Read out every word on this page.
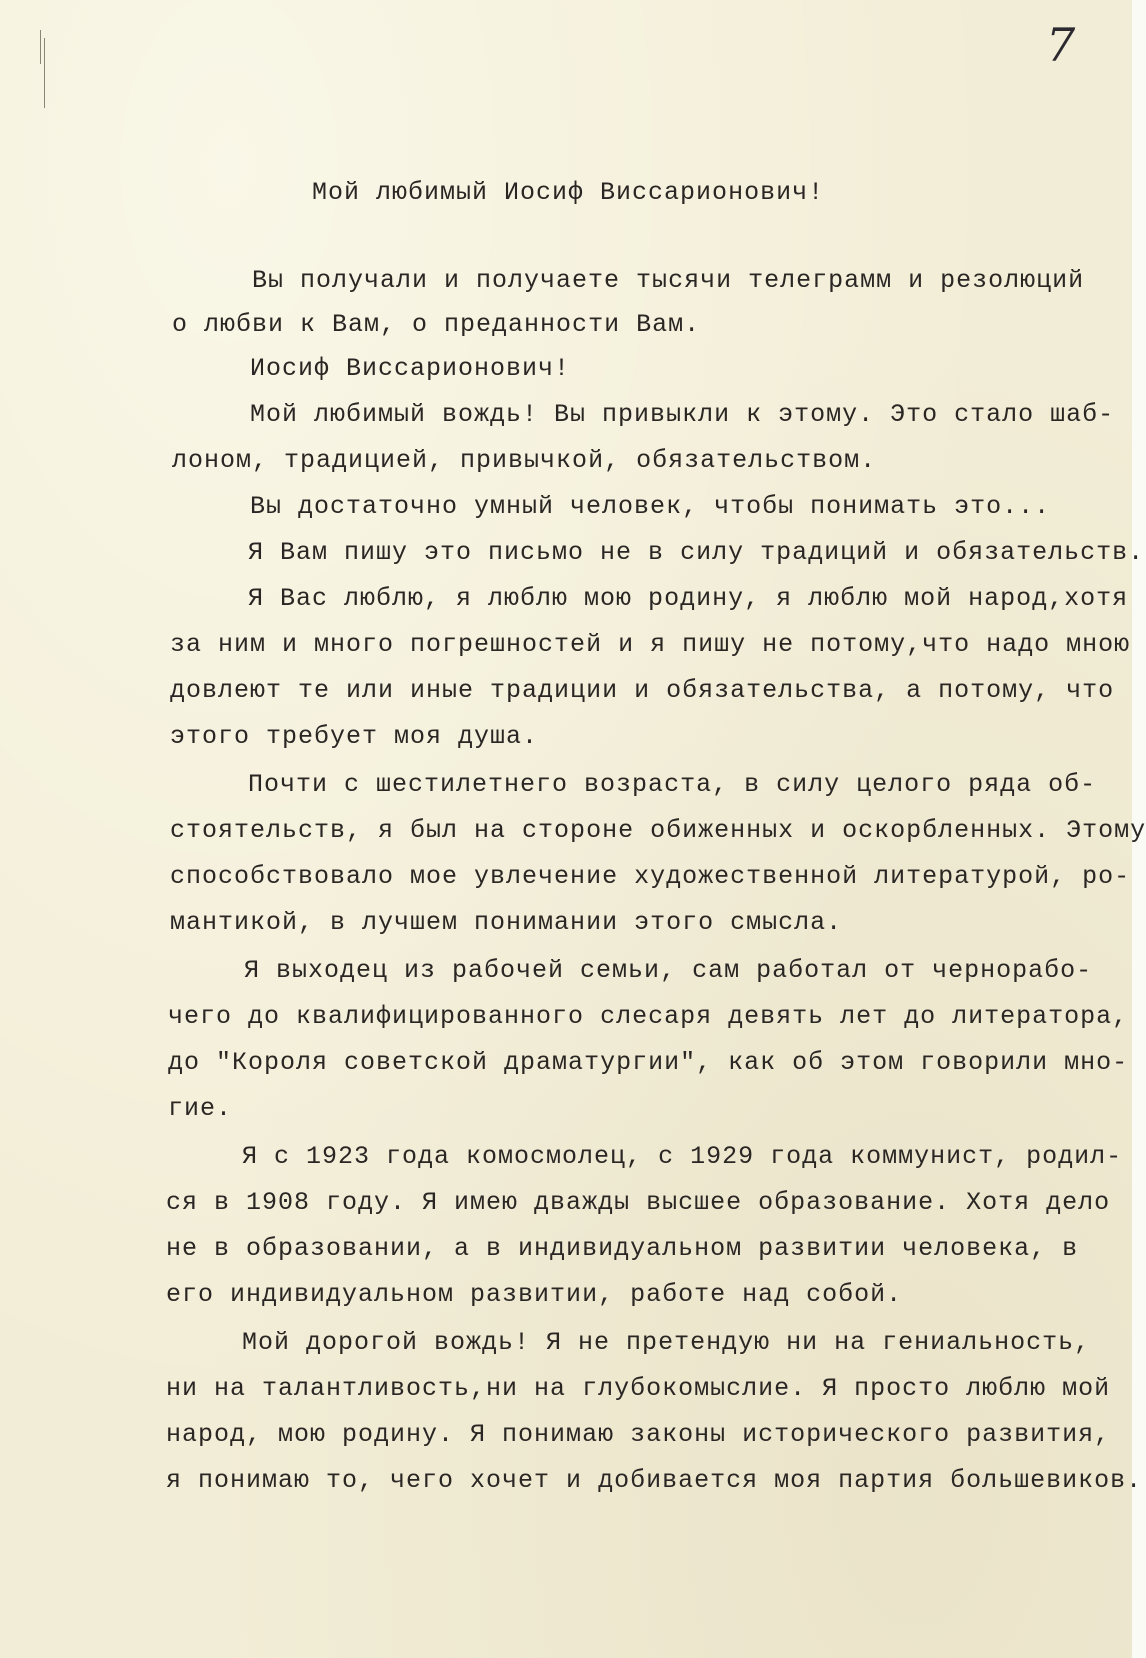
7

Мой любимый Иосиф Виссарионович!

Вы получали и получаете тысячи телеграмм и резолюций

о любви к Вам, о преданности Вам.

Иосиф Виссарионович!

Мой любимый вождь! Вы привыкли к этому. Это стало шаб-

лоном, традицией, привычкой, обязательством.

Вы достаточно умный человек, чтобы понимать это...

Я Вам пишу это письмо не в силу традиций и обязательств.

Я Вас люблю, я люблю мою родину, я люблю мой народ,хотя

за ним и много погрешностей и я пишу не потому,что надо мною

довлеют те или иные традиции и обязательства, а потому, что

этого требует моя душа.

Почти с шестилетнего возраста, в силу целого ряда об-

стоятельств, я был на стороне обиженных и оскорбленных. Этому

способствовало мое увлечение художественной литературой, ро-

мантикой, в лучшем понимании этого смысла.

Я выходец из рабочей семьи, сам работал от чернорабо-

чего до квалифицированного слесаря девять лет до литератора,

до "Короля советской драматургии", как об этом говорили мно-

гие.

Я с 1923 года комосмолец, с 1929 года коммунист, родил-

ся в 1908 году. Я имею дважды высшее образование. Хотя дело

не в образовании, а в индивидуальном развитии человека, в

его индивидуальном развитии, работе над собой.

Мой дорогой вождь! Я не претендую ни на гениальность,

ни на талантливость,ни на глубокомыслие. Я просто люблю мой

народ, мою родину. Я понимаю законы исторического развития,

я понимаю то, чего хочет и добивается моя партия большевиков.
